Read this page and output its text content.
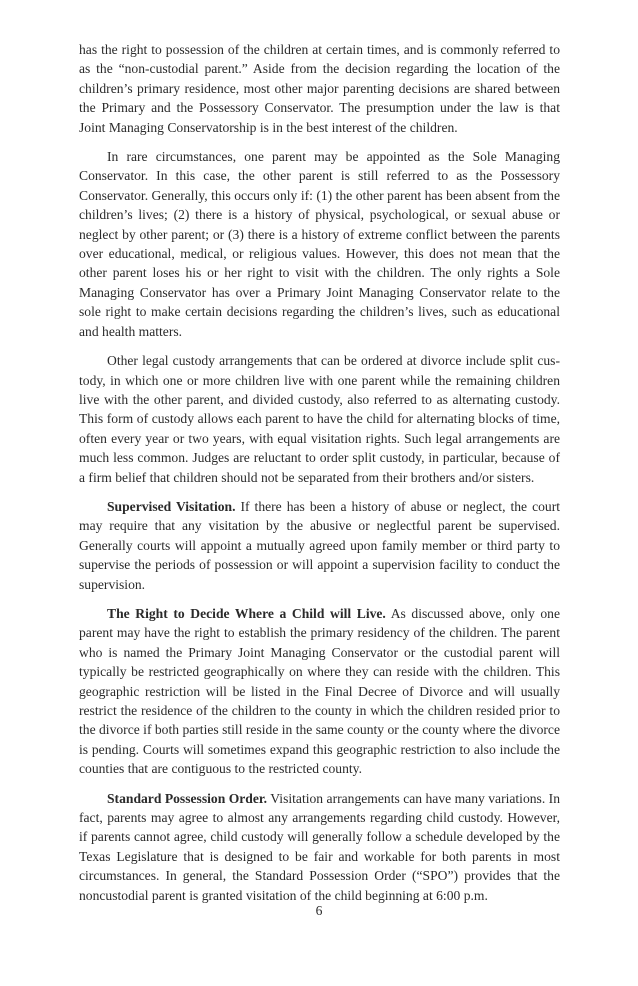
has the right to possession of the children at certain times, and is commonly referred to as the “non-custodial parent.” Aside from the decision regarding the location of the children’s primary residence, most other major parenting decisions are shared between the Primary and the Possessory Conservator. The presumption under the law is that Joint Managing Conservatorship is in the best interest of the children.

In rare circumstances, one parent may be appointed as the Sole Managing Conservator. In this case, the other parent is still referred to as the Possessory Conservator. Generally, this occurs only if: (1) the other parent has been absent from the children’s lives; (2) there is a history of physical, psychological, or sexual abuse or neglect by other parent; or (3) there is a history of extreme conflict between the parents over educational, medical, or religious values. However, this does not mean that the other parent loses his or her right to visit with the children. The only rights a Sole Managing Conservator has over a Primary Joint Managing Conservator relate to the sole right to make certain decisions regarding the children’s lives, such as educational and health matters.

Other legal custody arrangements that can be ordered at divorce include split custody, in which one or more children live with one parent while the remaining children live with the other parent, and divided custody, also referred to as alternating custody. This form of custody allows each parent to have the child for alternating blocks of time, often every year or two years, with equal visitation rights. Such legal arrangements are much less common. Judges are reluctant to order split custody, in particular, because of a firm belief that children should not be separated from their brothers and/or sisters.

Supervised Visitation. If there has been a history of abuse or neglect, the court may require that any visitation by the abusive or neglectful parent be supervised. Generally courts will appoint a mutually agreed upon family member or third party to supervise the periods of possession or will appoint a supervision facility to conduct the supervision.

The Right to Decide Where a Child will Live. As discussed above, only one parent may have the right to establish the primary residency of the children. The parent who is named the Primary Joint Managing Conservator or the custodial parent will typically be restricted geographically on where they can reside with the children. This geographic restriction will be listed in the Final Decree of Divorce and will usually restrict the residence of the children to the county in which the children resided prior to the divorce if both parties still reside in the same county or the county where the divorce is pending. Courts will sometimes expand this geographic restriction to also include the counties that are contiguous to the restricted county.

Standard Possession Order. Visitation arrangements can have many variations. In fact, parents may agree to almost any arrangements regarding child custody. However, if parents cannot agree, child custody will generally follow a schedule developed by the Texas Legislature that is designed to be fair and workable for both parents in most circumstances. In general, the Standard Possession Order (“SPO”) provides that the noncustodial parent is granted visitation of the child beginning at 6:00 p.m.

6
